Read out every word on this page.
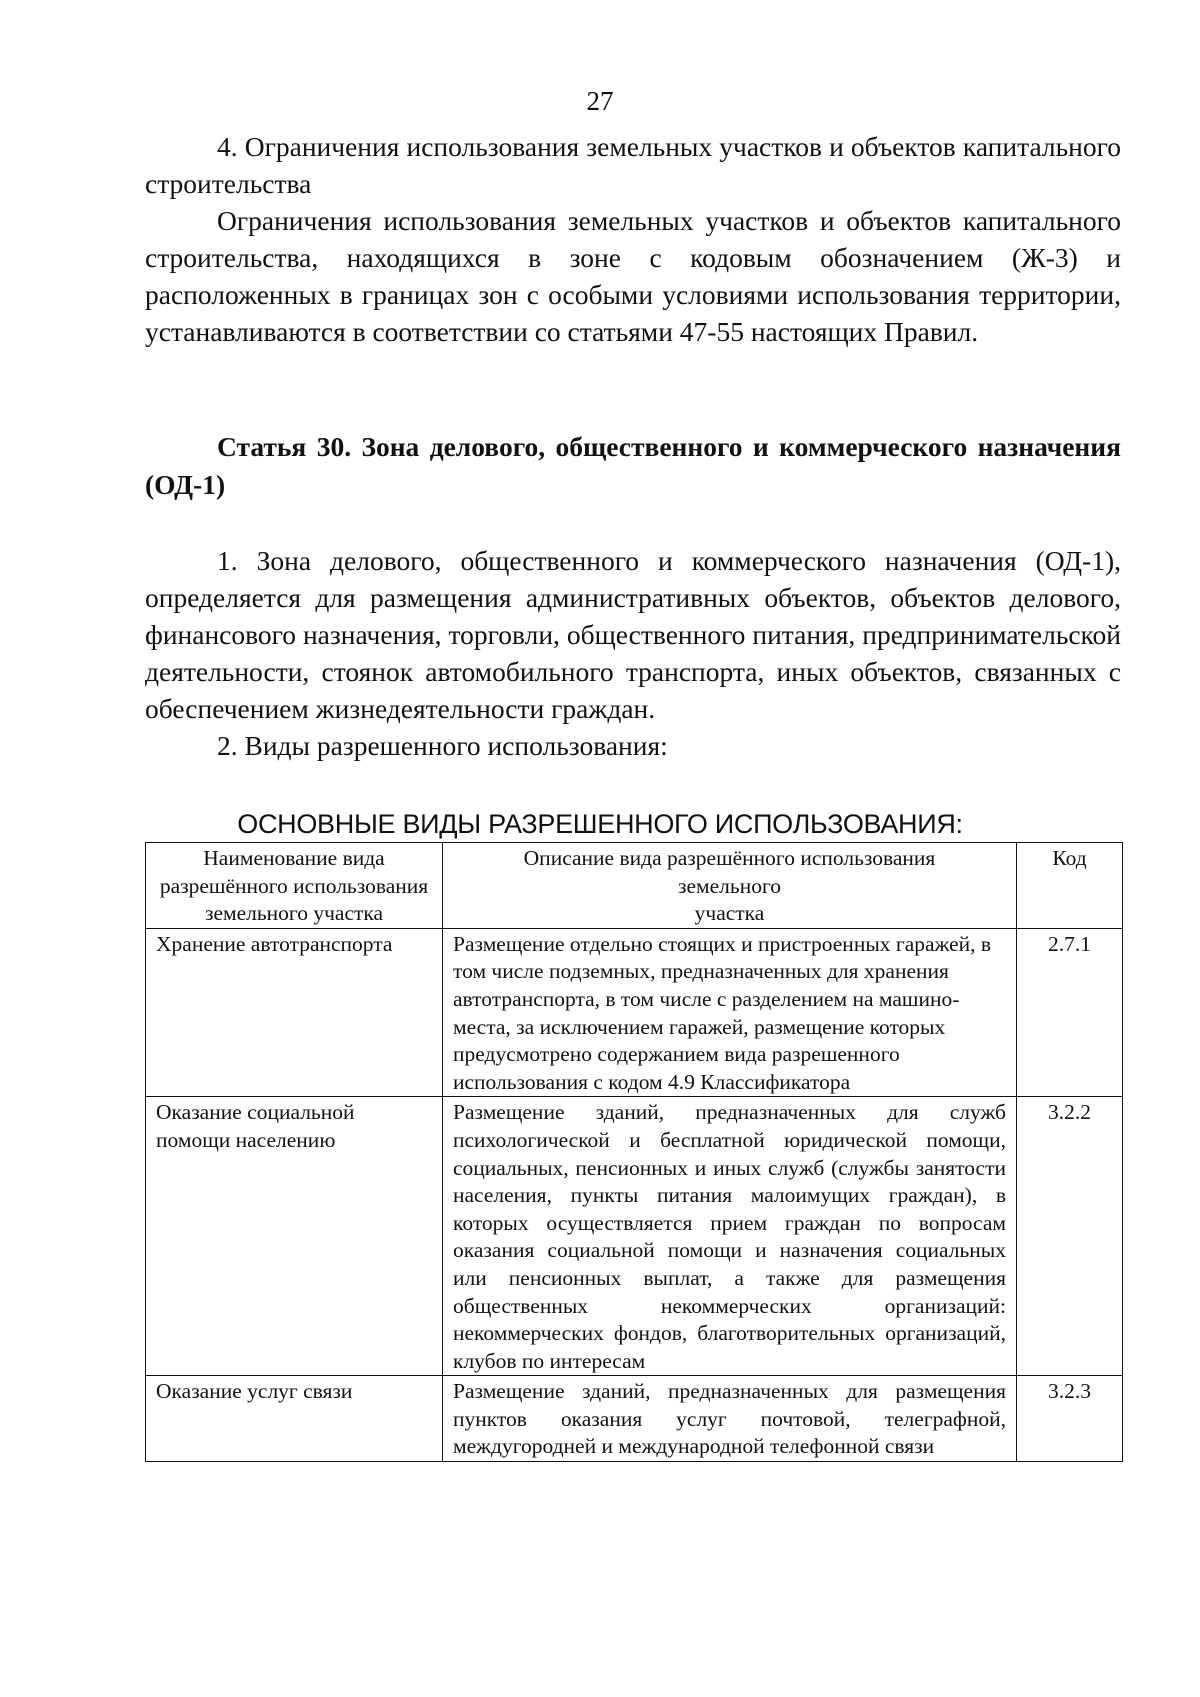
27

4. Ограничения использования земельных участков и объектов капитального строительства

Ограничения использования земельных участков и объектов капитального строительства, находящихся в зоне с кодовым обозначением (Ж-3) и расположенных в границах зон с особыми условиями использования территории, устанавливаются в соответствии со статьями 47-55 настоящих Правил.

Статья 30. Зона делового, общественного и коммерческого назначения (ОД-1)

1. Зона делового, общественного и коммерческого назначения (ОД-1), определяется для размещения административных объектов, объектов делового, финансового назначения, торговли, общественного питания, предпринимательской деятельности, стоянок автомобильного транспорта, иных объектов, связанных с обеспечением жизнедеятельности граждан.

2. Виды разрешенного использования:

ОСНОВНЫЕ ВИДЫ РАЗРЕШЕННОГО ИСПОЛЬЗОВАНИЯ:
Наименование вида разрешённого использования земельного участка	Описание вида разрешённого использования
земельного
участка	Код
Хранение автотранспорта	Размещение отдельно стоящих и пристроенных гаражей, в том числе подземных, предназначенных для хранения автотранспорта, в том числе с разделением на машино-места, за исключением гаражей, размещение которых предусмотрено содержанием вида разрешенного использования с кодом 4.9 Классификатора	2.7.1
Оказание социальной помощи населению	Размещение зданий, предназначенных для служб психологической и бесплатной юридической помощи, социальных, пенсионных и иных служб (службы занятости населения, пункты питания малоимущих граждан), в которых осуществляется прием граждан по вопросам оказания социальной помощи и назначения социальных или пенсионных выплат, а также для размещения общественных некоммерческих организаций: некоммерческих фондов, благотворительных организаций, клубов по интересам	3.2.2
Оказание услуг связи	Размещение зданий, предназначенных для размещения пунктов оказания услуг почтовой, телеграфной, междугородней и международной телефонной связи	3.2.3
